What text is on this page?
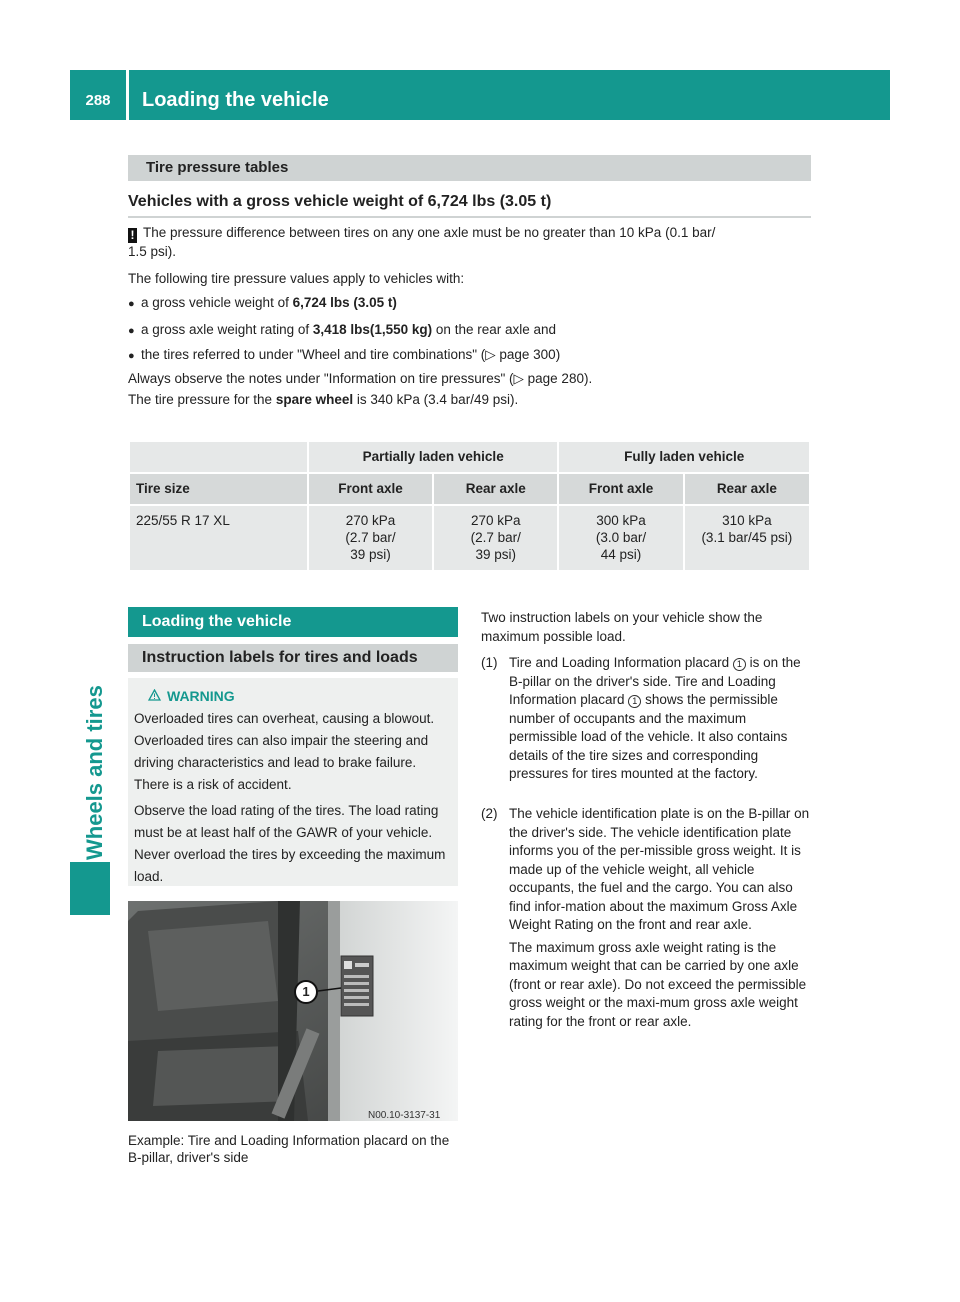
288	Loading the vehicle
Wheels and tires
Tire pressure tables
Vehicles with a gross vehicle weight of 6,724 lbs (3.05 t)
! The pressure difference between tires on any one axle must be no greater than 10 kPa (0.1 bar/
1.5 psi).
The following tire pressure values apply to vehicles with:
● a gross vehicle weight of 6,724 lbs (3.05 t)
● a gross axle weight rating of 3,418 lbs(1,550 kg) on the rear axle and
● the tires referred to under "Wheel and tire combinations" (▷ page 300)
Always observe the notes under "Information on tire pressures" (▷ page 280).
The tire pressure for the spare wheel is 340 kPa (3.4 bar/49 psi).
	Partially laden vehicle		Fully laden vehicle	
Tire size	Front axle	Rear axle	Front axle	Rear axle
225/55 R 17 XL	270 kPa
(2.7 bar/
39 psi)	270 kPa
(2.7 bar/
39 psi)	300 kPa
(3.0 bar/
44 psi)	310 kPa
(3.1 bar/45 psi)
Loading the vehicle
Instruction labels for tires and loads
WARNING

Overloaded tires can overheat, causing a blowout. Overloaded tires can also impair the steering and driving characteristics and lead to brake failure. There is a risk of accident.

Observe the load rating of the tires. The load rating must be at least half of the GAWR of your vehicle. Never overload the tires by exceeding the maximum load.

N00.10-3137-31
1
Example: Tire and Loading Information placard on the B-pillar, driver's side
Two instruction labels on your vehicle show the maximum possible load.
(1) Tire and Loading Information placard 1 is on the B-pillar on the driver's side. Tire and Loading Information placard 1 shows the permissible number of occupants and the maximum permissible load of the vehicle. It also contains details of the tire sizes and corresponding pressures for tires mounted at the factory.
(2) The vehicle identification plate is on the B-pillar on the driver's side. The vehicle identification plate informs you of the per-missible gross weight. It is made up of the vehicle weight, all vehicle occupants, the fuel and the cargo. You can also find infor-mation about the maximum Gross Axle Weight Rating on the front and rear axle.
The maximum gross axle weight rating is the maximum weight that can be carried by one axle (front or rear axle). Do not exceed the permissible gross weight or the maxi-mum gross axle weight rating for the front or rear axle.
